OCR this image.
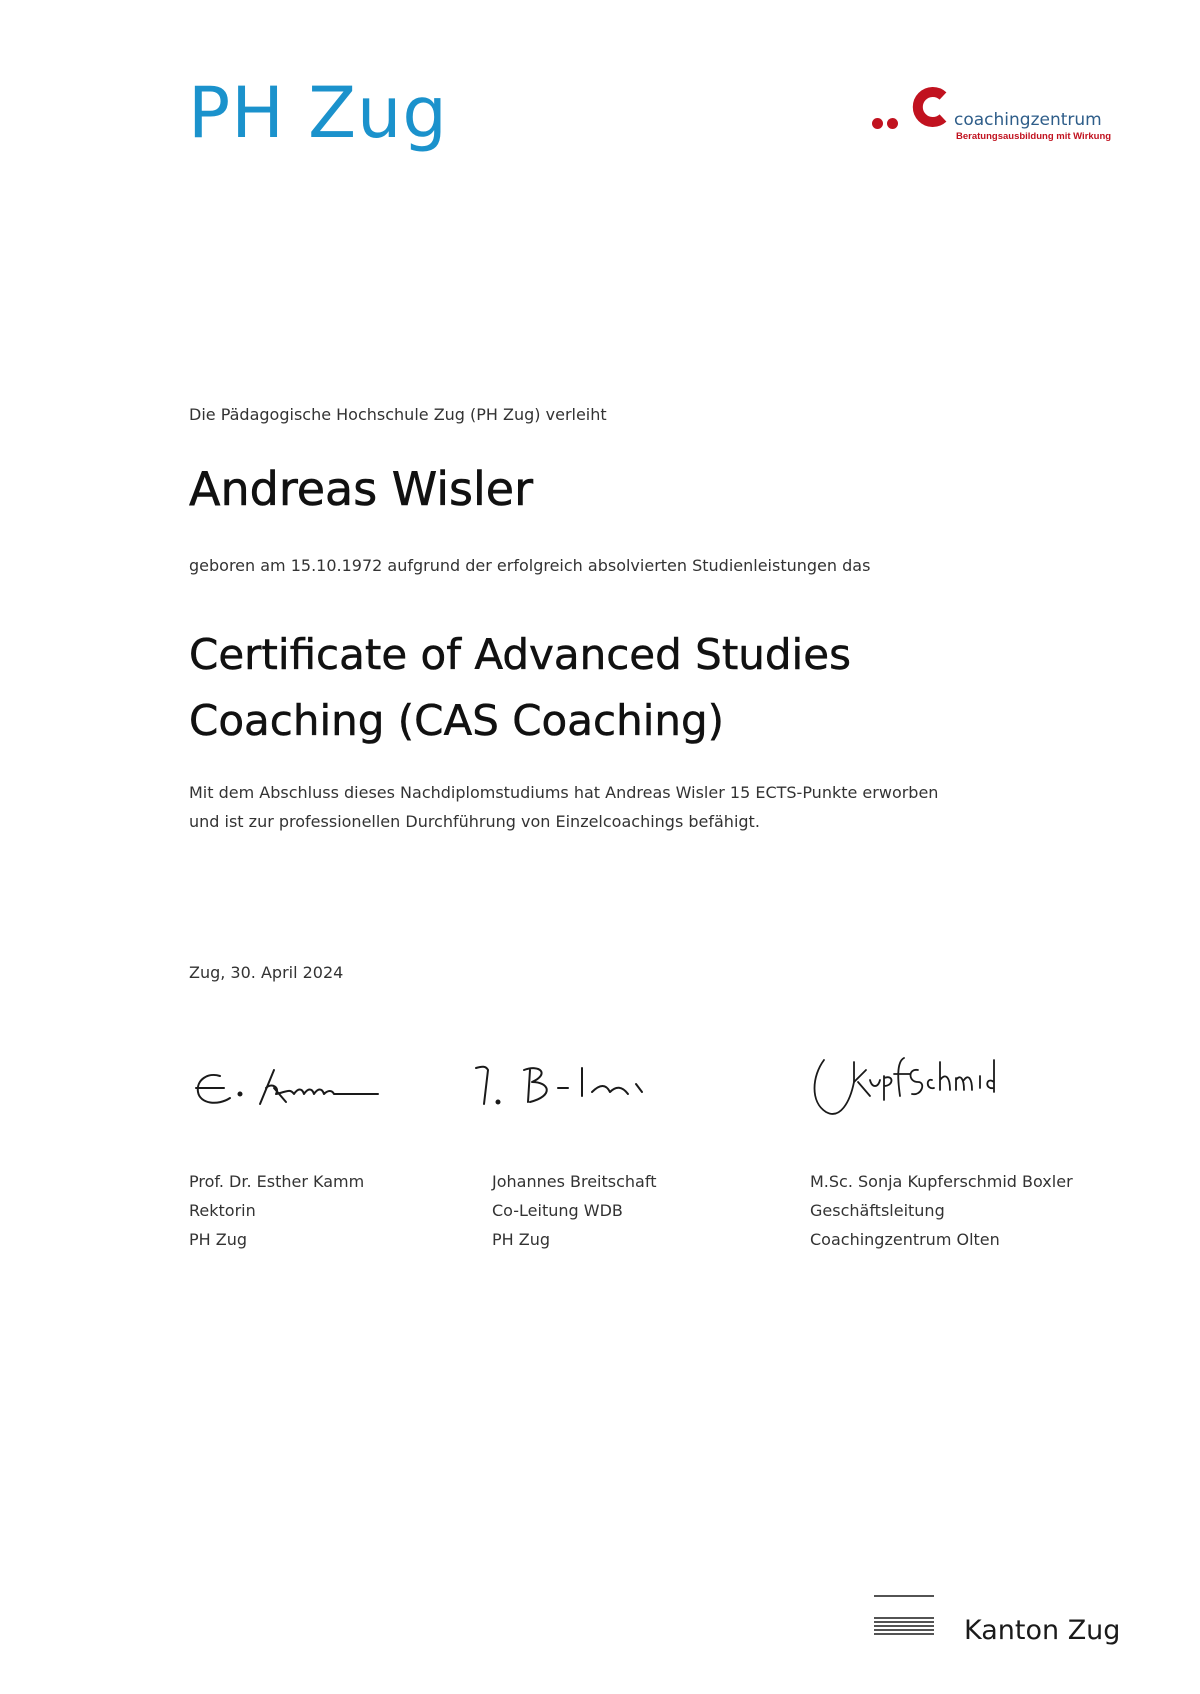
PH Zug	coachingzentrum
Beratungsausbildung mit Wirkung
Die Pädagogische Hochschule Zug (PH Zug) verleiht
Andreas Wisler
geboren am 15.10.1972 aufgrund der erfolgreich absolvierten Studienleistungen das
Certificate of Advanced Studies
Coaching (CAS Coaching)
Mit dem Abschluss dieses Nachdiplomstudiums hat Andreas Wisler 15 ECTS-Punkte erworben
und ist zur professionellen Durchführung von Einzelcoachings befähigt.
Zug, 30. April 2024
Prof. Dr. Esther Kamm
Rektorin
PH Zug
Johannes Breitschaft
Co-Leitung WDB
PH Zug
M.Sc. Sonja Kupferschmid Boxler
Geschäftsleitung
Coachingzentrum Olten
Kanton Zug
